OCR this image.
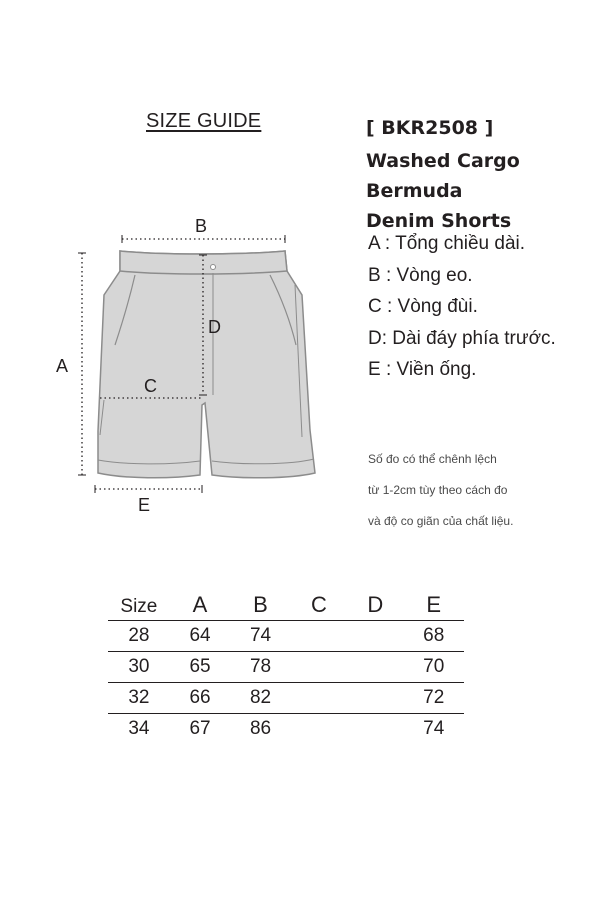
SIZE GUIDE	[ BKR2508 ]
Washed Cargo Bermuda
Denim Shorts
A
B
C
D
E
A : Tổng chiều dài.
B : Vòng eo.
C : Vòng đùi.
D: Dài đáy phía trước.
E : Viền ống.
Số đo có thể chênh lệch
từ 1-2cm tùy theo cách đo
và độ co giãn của chất liệu.
Size	A	B	C	D	E
28	64	74			68
30	65	78			70
32	66	82			72
34	67	86			74
